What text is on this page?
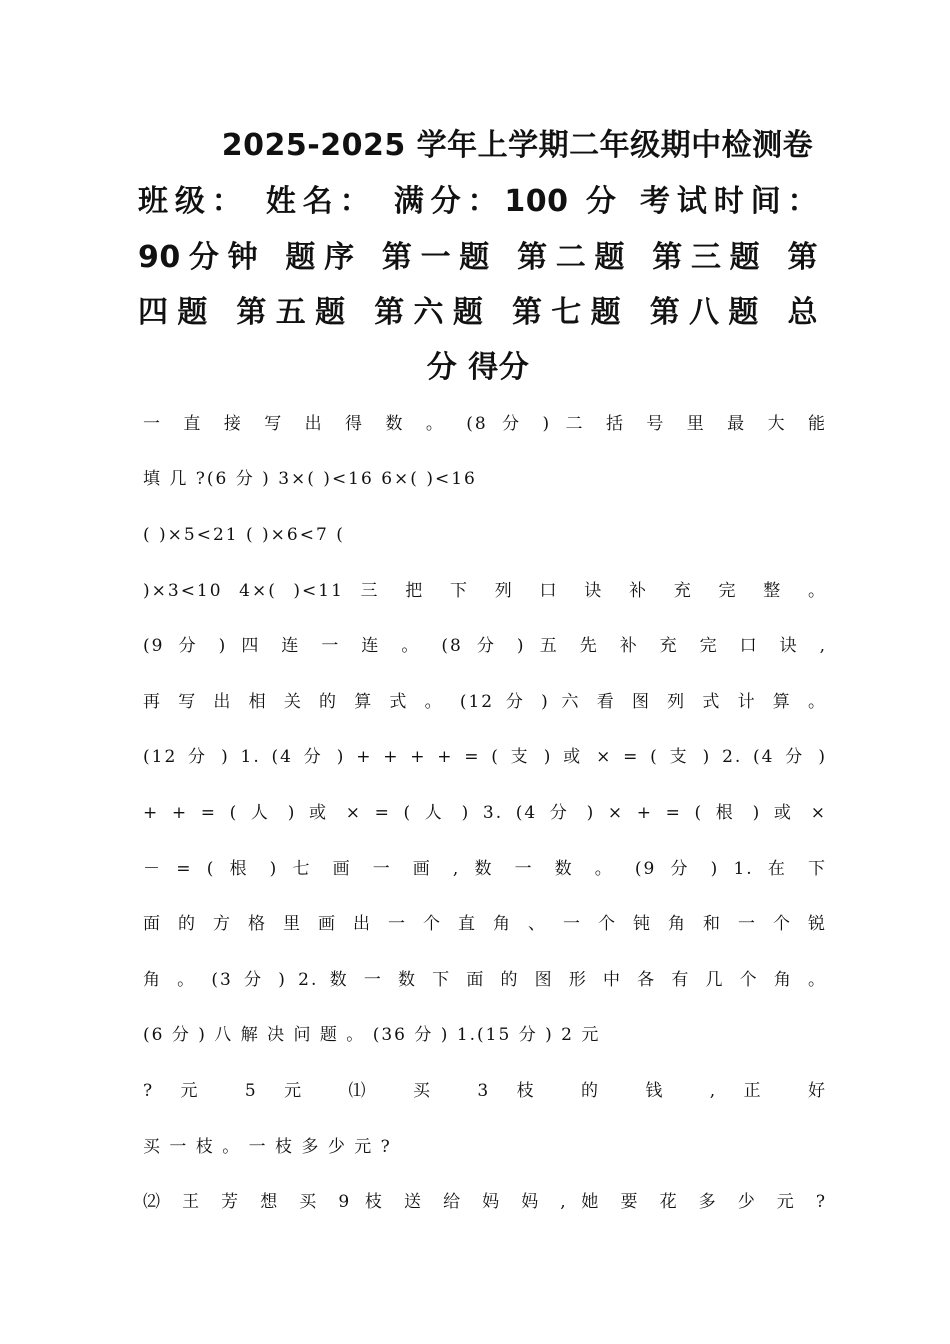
2025-2025 学年上学期二年级期中检测卷
班级： 姓名： 满分：100 分 考试时间：
90分钟 题序 第一题 第二题 第三题 第
四题 第五题 第六题 第七题 第八题 总
分 得分
一 直 接 写 出 得 数 。 (8 分 ) 二 括 号 里 最 大 能
填 几 ?(6 分 ) 3×( )<16 6×( )<16
( )×5<21 ( )×6<7 (
)×3<10 4×( )<11 三 把 下 列 口 诀 补 充 完 整 。
(9 分 ) 四 连 一 连 。 (8 分 ) 五 先 补 充 完 口 诀 ,
再 写 出 相 关 的 算 式 。 (12 分 ) 六 看 图 列 式 计 算 。
(12 分 ) 1. (4 分 ) + + + + = ( 支 ) 或 × = ( 支 ) 2. (4 分 )
+ + = ( 人 ) 或 × = ( 人 ) 3. (4 分 ) × + = ( 根 ) 或 ×
－ = ( 根 ) 七 画 一 画 , 数 一 数 。 (9 分 ) 1. 在 下
面 的 方 格 里 画 出 一 个 直 角 、 一 个 钝 角 和 一 个 锐
角 。 (3 分 ) 2. 数 一 数 下 面 的 图 形 中 各 有 几 个 角 。
(6 分 ) 八 解 决 问 题 。 (36 分 ) 1.(15 分 ) 2 元
? 元 5 元 ⑴ 买 3 枝 的 钱 , 正 好
买 一 枝 。 一 枝 多 少 元 ?
⑵ 王 芳 想 买 9 枝 送 给 妈 妈 , 她 要 花 多 少 元 ?
